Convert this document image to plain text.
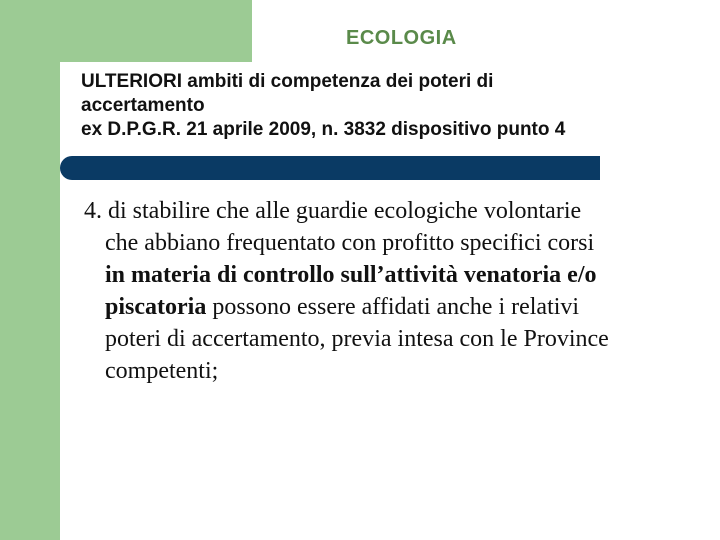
ECOLOGIA
ULTERIORI ambiti di competenza dei poteri di
accertamento
ex D.P.G.R. 21 aprile 2009, n. 3832 dispositivo punto 4
4. di stabilire che alle guardie ecologiche volontarie
che abbiano frequentato con profitto specifici corsi
in materia di controllo sull’attività venatoria e/o
piscatoria possono essere affidati anche i relativi
poteri di accertamento, previa intesa con le Province
competenti;
